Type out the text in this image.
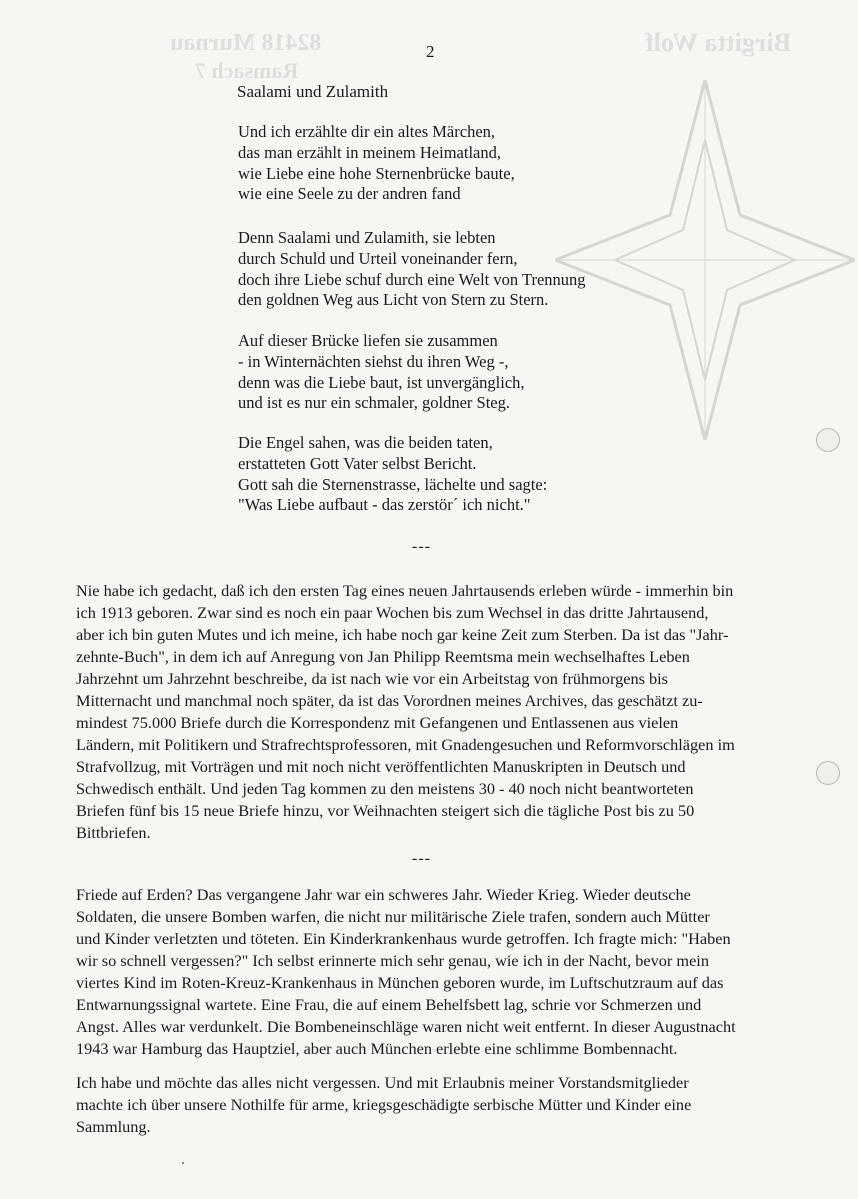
Birgitta Wolf
82418 Murnau
Ramsach 7
2
Saalami und Zulamith
Und ich erzählte dir ein altes Märchen,
das man erzählt in meinem Heimatland,
wie Liebe eine hohe Sternenbrücke baute,
wie eine Seele zu der andren fand
Denn Saalami und Zulamith, sie lebten
durch Schuld und Urteil voneinander fern,
doch ihre Liebe schuf durch eine Welt von Trennung
den goldnen Weg aus Licht von Stern zu Stern.
Auf dieser Brücke liefen sie zusammen
- in Winternächten siehst du ihren Weg -,
denn was die Liebe baut, ist unvergänglich,
und ist es nur ein schmaler, goldner Steg.
Die Engel sahen, was die beiden taten,
erstatteten Gott Vater selbst Bericht.
Gott sah die Sternenstrasse, lächelte und sagte:
"Was Liebe aufbaut - das zerstör´ ich nicht."
---
Nie habe ich gedacht, daß ich den ersten Tag eines neuen Jahrtausends erleben würde - immerhin bin
ich 1913 geboren. Zwar sind es noch ein paar Wochen bis zum Wechsel in das dritte Jahrtausend,
aber ich bin guten Mutes und ich meine, ich habe noch gar keine Zeit zum Sterben. Da ist das "Jahr-
zehnte-Buch", in dem ich auf Anregung von Jan Philipp Reemtsma mein wechselhaftes Leben
Jahrzehnt um Jahrzehnt beschreibe, da ist nach wie vor ein Arbeitstag von frühmorgens bis
Mitternacht und manchmal noch später, da ist das Vorordnen meines Archives, das geschätzt zu-
mindest 75.000 Briefe durch die Korrespondenz mit Gefangenen und Entlassenen aus vielen
Ländern, mit Politikern und Strafrechtsprofessoren, mit Gnadengesuchen und Reformvorschlägen im
Strafvollzug, mit Vorträgen und mit noch nicht veröffentlichten Manuskripten in Deutsch und
Schwedisch enthält. Und jeden Tag kommen zu den meistens 30 - 40 noch nicht beantworteten
Briefen fünf bis 15 neue Briefe hinzu, vor Weihnachten steigert sich die tägliche Post bis zu 50
Bittbriefen.
---
Friede auf Erden? Das vergangene Jahr war ein schweres Jahr. Wieder Krieg. Wieder deutsche
Soldaten, die unsere Bomben warfen, die nicht nur militärische Ziele trafen, sondern auch Mütter
und Kinder verletzten und töteten. Ein Kinderkrankenhaus wurde getroffen. Ich fragte mich: "Haben
wir so schnell vergessen?" Ich selbst erinnerte mich sehr genau, wie ich in der Nacht, bevor mein
viertes Kind im Roten-Kreuz-Krankenhaus in München geboren wurde, im Luftschutzraum auf das
Entwarnungssignal wartete. Eine Frau, die auf einem Behelfsbett lag, schrie vor Schmerzen und
Angst. Alles war verdunkelt. Die Bombeneinschläge waren nicht weit entfernt. In dieser Augustnacht
1943 war Hamburg das Hauptziel, aber auch München erlebte eine schlimme Bombennacht.
Ich habe und möchte das alles nicht vergessen. Und mit Erlaubnis meiner Vorstandsmitglieder
machte ich über unsere Nothilfe für arme, kriegsgeschädigte serbische Mütter und Kinder eine
Sammlung.
